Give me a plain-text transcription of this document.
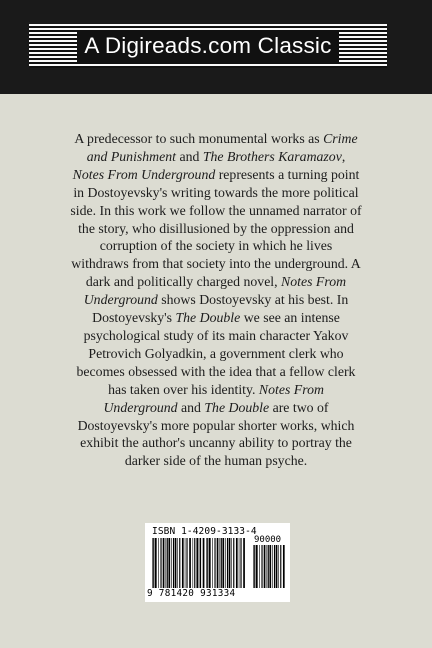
A Digireads.com Classic

A predecessor to such monumental works as Crime
and Punishment and The Brothers Karamazov,
Notes From Underground represents a turning point
in Dostoyevsky's writing towards the more political
side. In this work we follow the unnamed narrator of
the story, who disillusioned by the oppression and
corruption of the society in which he lives
withdraws from that society into the underground. A
dark and politically charged novel, Notes From
Underground shows Dostoyevsky at his best. In
Dostoyevsky's The Double we see an intense
psychological study of its main character Yakov
Petrovich Golyadkin, a government clerk who
becomes obsessed with the idea that a fellow clerk
has taken over his identity. Notes From
Underground and The Double are two of
Dostoyevsky's more popular shorter works, which
exhibit the author's uncanny ability to portray the
darker side of the human psyche.

ISBN 1-4209-3133-4
90000
9 781420 931334
